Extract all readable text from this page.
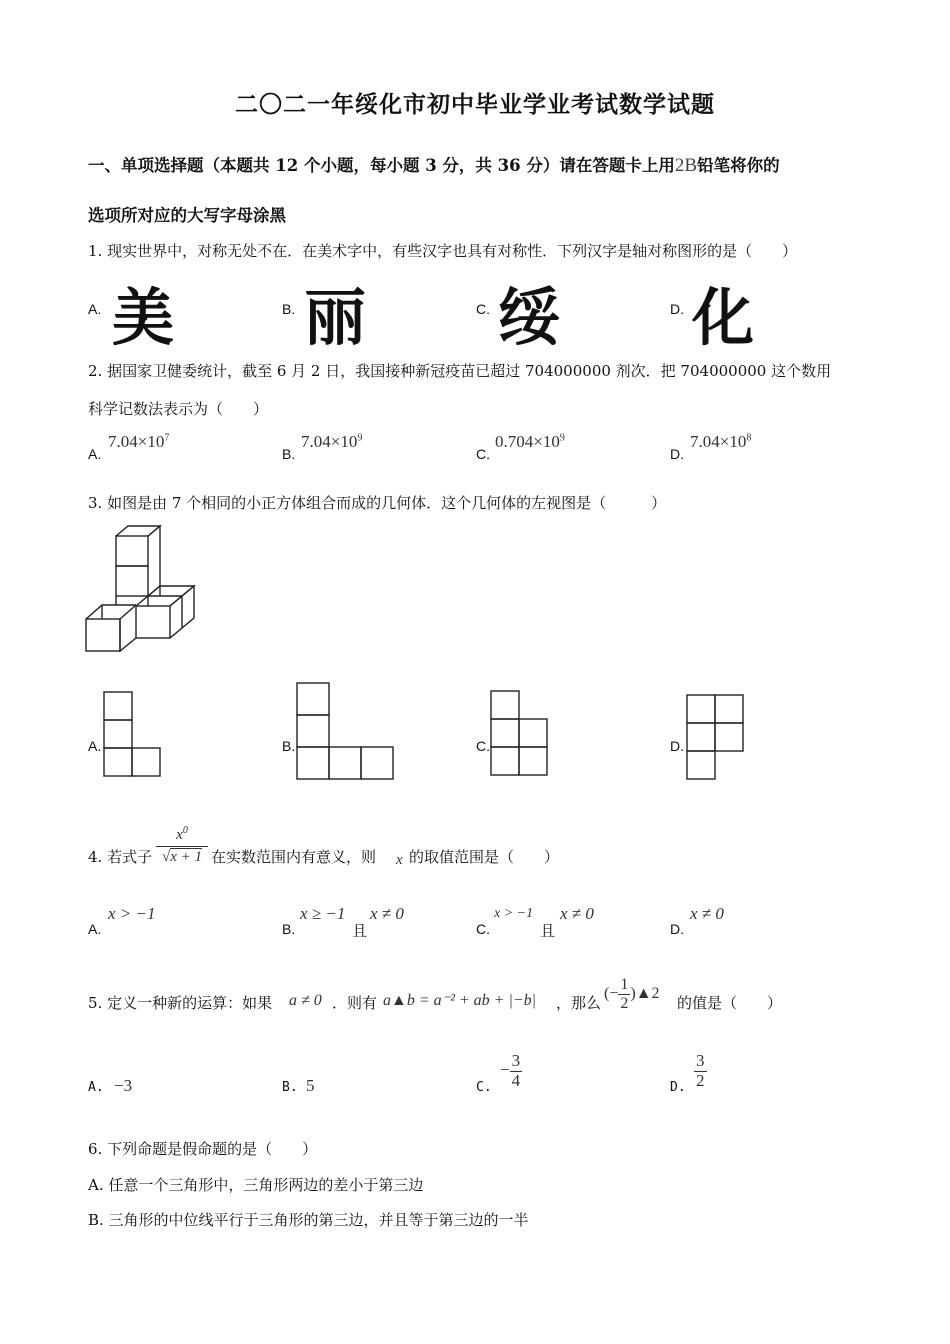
二〇二一年绥化市初中毕业学业考试数学试题
一、单项选择题（本题共 12 个小题，每小题 3 分，共 36 分）请在答题卡上用2B铅笔将你的
选项所对应的大写字母涂黑
1. 现实世界中，对称无处不在．在美术字中，有些汉字也具有对称性．下列汉字是轴对称图形的是（　　）
A. 美	B. 丽	C. 绥	D. 化
2. 据国家卫健委统计，截至 6 月 2 日，我国接种新冠疫苗已超过 704000000 剂次．把 704000000 这个数用
科学记数法表示为（　　）
A.
$7.04\times 10^7$
B.
$7.04\times 10^9$
C.
$0.704\times 10^9$
D.
$7.04\times 10^8$
3. 如图是由 7 个相同的小正方体组合而成的几何体．这个几何体的左视图是（　　　）
A.	B.	C.	D.
4. 若式子
$x^0$
√x + 1 在实数范围内有意义，则 x 的取值范围是（　　）
A.
x > −1
B.
x ≥ −1
且
x ≠ 0
C.
x > −1
且
x ≠ 0
D.
x ≠ 0
5. 定义一种新的运算：如果 a ≠ 0 ．则有 a▲b = a⁻² + ab + |−b| ，那么
(− $\frac{1}{2}$ )▲2
的值是（　　）
A. −3	B. 5	C.
− $\frac{3}{4}$	D. $\frac{3}{2}$
6. 下列命题是假命题的是（　　）
A. 任意一个三角形中，三角形两边的差小于第三边
B. 三角形的中位线平行于三角形的第三边，并且等于第三边的一半
